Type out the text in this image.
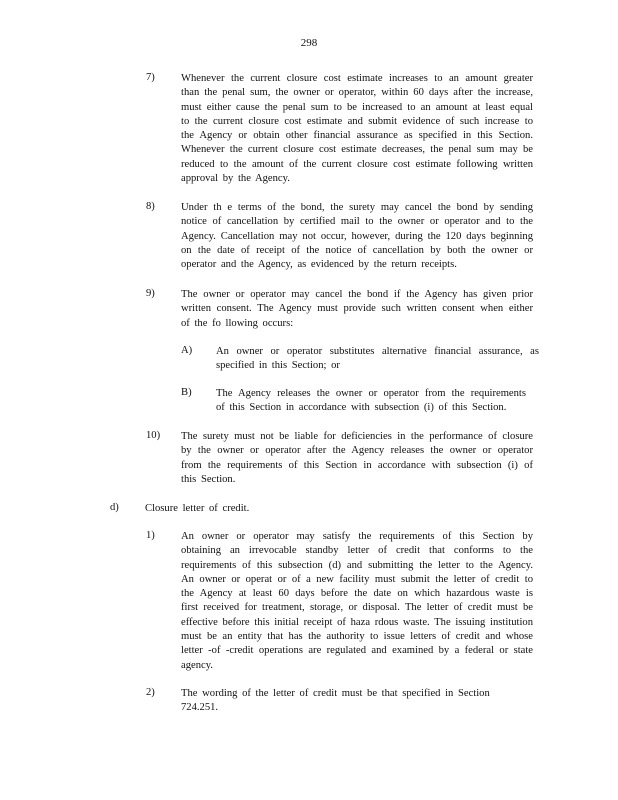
298
7) Whenever the current closure cost estimate increases to an amount greater than the penal sum, the owner or operator, within 60 days after the increase, must either cause the penal sum to be increased to an amount at least equal to the current closure cost estimate and submit evidence of such increase to the Agency or obtain other financial assurance as specified in this Section. Whenever the current closure cost estimate decreases, the penal sum may be reduced to the amount of the current closure cost estimate following written approval by the Agency.
8) Under th e terms of the bond, the surety may cancel the bond by sending notice of cancellation by certified mail to the owner or operator and to the Agency. Cancellation may not occur, however, during the 120 days beginning on the date of receipt of the notice of cancellation by both the owner or operator and the Agency, as evidenced by the return receipts.
9) The owner or operator may cancel the bond if the Agency has given prior written consent. The Agency must provide such written consent when either of the fo llowing occurs:
A) An owner or operator substitutes alternative financial assurance, as specified in this Section; or
B) The Agency releases the owner or operator from the requirements of this Section in accordance with subsection (i) of this Section.
10) The surety must not be liable for deficiencies in the performance of closure by the owner or operator after the Agency releases the owner or operator from the requirements of this Section in accordance with subsection (i) of this Section.
d) Closure letter of credit.
1) An owner or operator may satisfy the requirements of this Section by obtaining an irrevocable standby letter of credit that conforms to the requirements of this subsection (d) and submitting the letter to the Agency. An owner or operat or of a new facility must submit the letter of credit to the Agency at least 60 days before the date on which hazardous waste is first received for treatment, storage, or disposal. The letter of credit must be effective before this initial receipt of haza rdous waste. The issuing institution must be an entity that has the authority to issue letters of credit and whose letter -of -credit operations are regulated and examined by a federal or state agency.
2) The wording of the letter of credit must be that specified in Section 724.251.
